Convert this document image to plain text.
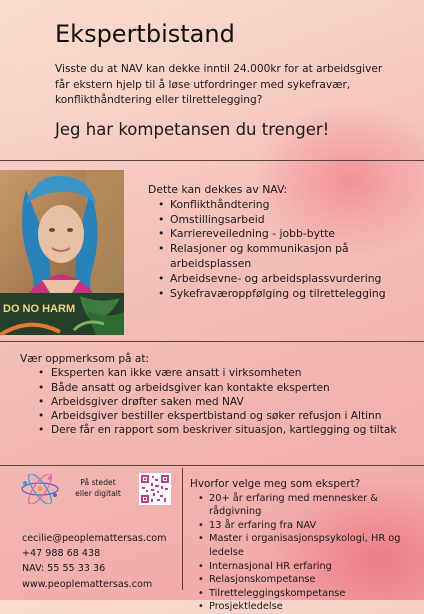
Ekspertbistand
Visste du at NAV kan dekke inntil 24.000kr for at arbeidsgiver får ekstern hjelp til å løse utfordringer med sykefravær, konflikthåndtering eller tilrettelegging?
Jeg har kompetansen du trenger!
DO NO HARM
Dette kan dekkes av NAV:
• Konflikthåndtering
• Omstillingsarbeid
• Karriereveiledning - jobb-bytte
• Relasjoner og kommunikasjon på
arbeidsplassen
• Arbeidsevne- og arbeidsplassvurdering
• Sykefraværoppfølging og tilrettelegging
Vær oppmerksom på at:
• Eksperten kan ikke være ansatt i virksomheten
• Både ansatt og arbeidsgiver kan kontakte eksperten
• Arbeidsgiver drøfter saken med NAV
• Arbeidsgiver bestiller ekspertbistand og søker refusjon i Altinn
• Dere får en rapport som beskriver situasjon, kartlegging og tiltak
På stedet
eller digitalt
cecilie@peoplemattersas.com
+47 988 68 438
NAV: 55 55 33 36
www.peoplemattersas.com
Hvorfor velge meg som ekspert?
• 20+ år erfaring med mennesker & rådgivning
• 13 år erfaring fra NAV
• Master i organisasjonspsykologi, HR og ledelse
• Internasjonal HR erfaring
• Relasjonskompetanse
• Tilretteleggingskompetanse
• Prosjektledelse
